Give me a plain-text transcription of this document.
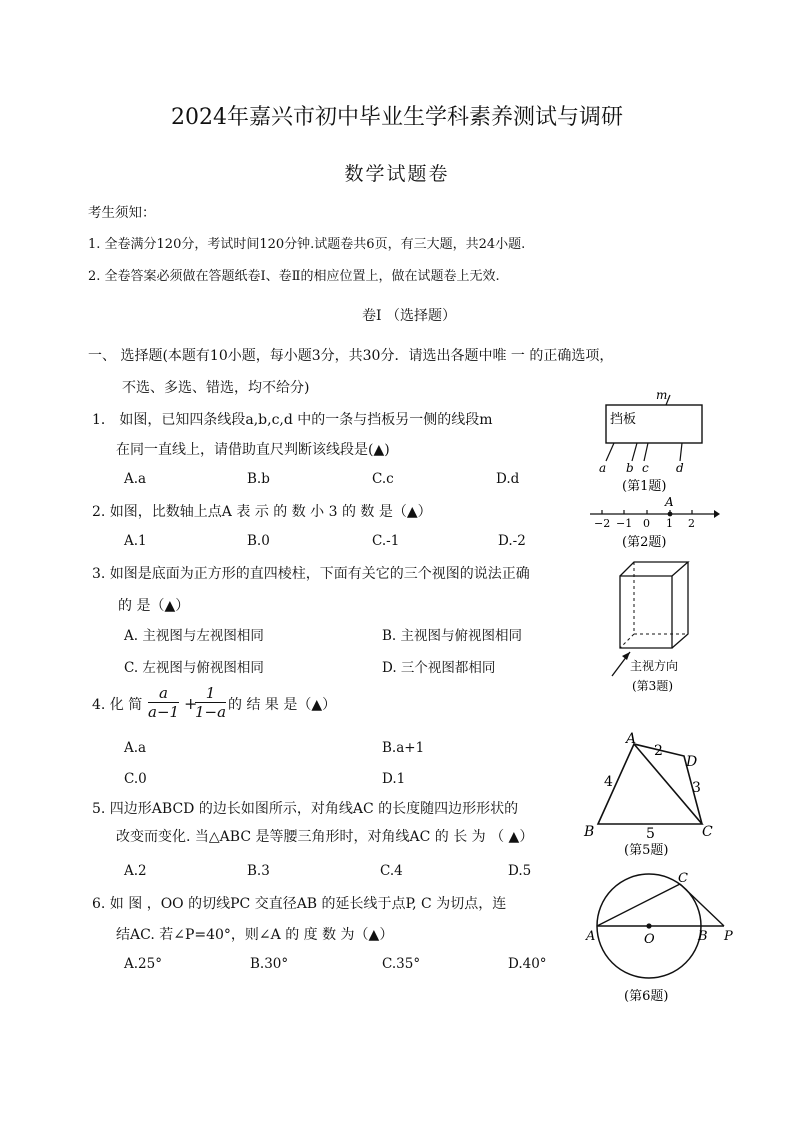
2024年嘉兴市初中毕业生学科素养测试与调研
数学试题卷
考生须知：
1. 全卷满分120分，考试时间120分钟.试题卷共6页，有三大题，共24小题.
2. 全卷答案必须做在答题纸卷Ⅰ、卷Ⅱ的相应位置上，做在试题卷上无效.
卷Ⅰ （选择题）
一、 选择题(本题有10小题，每小题3分，共30分．请选出各题中唯 一 的正确选项，
不选、多选、错选，均不给分)
1． 如图，已知四条线段a,b,c,d 中的一条与挡板另一侧的线段m
在同一直线上，请借助直尺判断该线段是(▲)
A.a	B.b	C.c	D.d
挡板
m
a b c d
(第1题)
2. 如图，比数轴上点A 表 示 的 数 小 3 的 数 是（▲）
A.1	B.0	C.-1	D.-2
A
−2 −1 0 1 2
(第2题)
3. 如图是底面为正方形的直四棱柱，下面有关它的三个视图的说法正确
的 是（▲）
A. 主视图与左视图相同	B. 主视图与俯视图相同
C. 左视图与俯视图相同	D. 三个视图都相同	主视方向
(第3题)
4. 化 简 $\frac{a}{a-1}$ +
$\frac{1}{1-a}$ 的 结 果 是（▲）
A.a	B.a+1
C.0	D.1
5. 四边形ABCD 的边长如图所示，对角线AC 的长度随四边形形状的
改变而变化. 当△ABC 是等腰三角形时，对角线AC 的 长 为 （ ▲）
A.2	B.3	C.4	D.5
A
B	C
D
2
3
4
5
(第5题)
6. 如 图 ，OO 的切线PC 交直径AB 的延长线于点P, C 为切点，连
结AC. 若∠P=40°，则∠A 的 度 数 为（▲）
A.25°	B.30°	C.35°	D.40°
A	O	B P
C
(第6题)
